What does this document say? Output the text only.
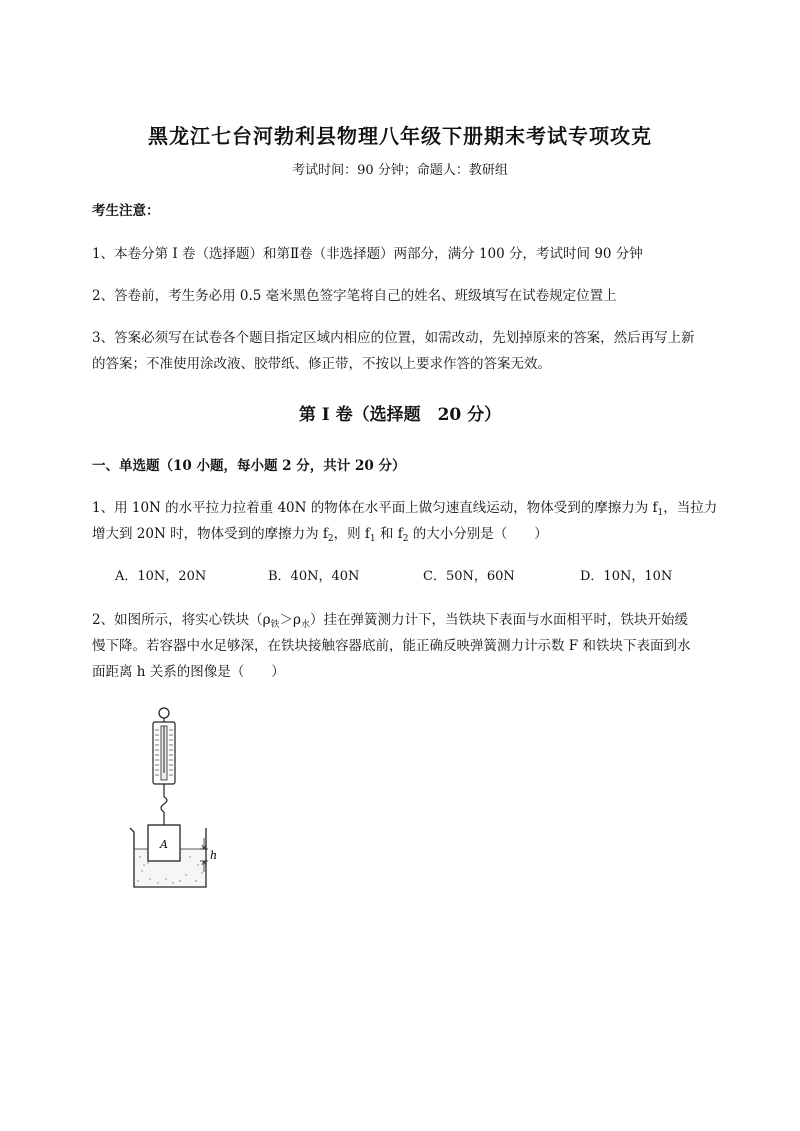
黑龙江七台河勃利县物理八年级下册期末考试专项攻克
考试时间：90 分钟；命题人：教研组
考生注意：
1、本卷分第 I 卷（选择题）和第Ⅱ卷（非选择题）两部分，满分 100 分，考试时间 90 分钟
2、答卷前，考生务必用 0.5 毫米黑色签字笔将自己的姓名、班级填写在试卷规定位置上
3、答案必须写在试卷各个题目指定区域内相应的位置，如需改动，先划掉原来的答案，然后再写上新
的答案；不准使用涂改液、胶带纸、修正带，不按以上要求作答的答案无效。
第 I 卷（选择题　20 分）
一、单选题（10 小题，每小题 2 分，共计 20 分）
1、用 10N 的水平拉力拉着重 40N 的物体在水平面上做匀速直线运动，物体受到的摩擦力为 $f_1$，当拉力
增大到 20N 时，物体受到的摩擦力为 $f_2$，则 $f_1$ 和 $f_2$ 的大小分别是（　　）
A．10N，20N	B．40N，40N	C．50N，60N	D．10N，10N
2、如图所示，将实心铁块$(\rho_铁>\rho_水)$挂在弹簧测力计下，当铁块下表面与水面相平时，铁块开始缓
慢下降。若容器中水足够深，在铁块接触容器底前，能正确反映弹簧测力计示数 F 和铁块下表面到水
面距离 h 关系的图像是（　　）
A
h
